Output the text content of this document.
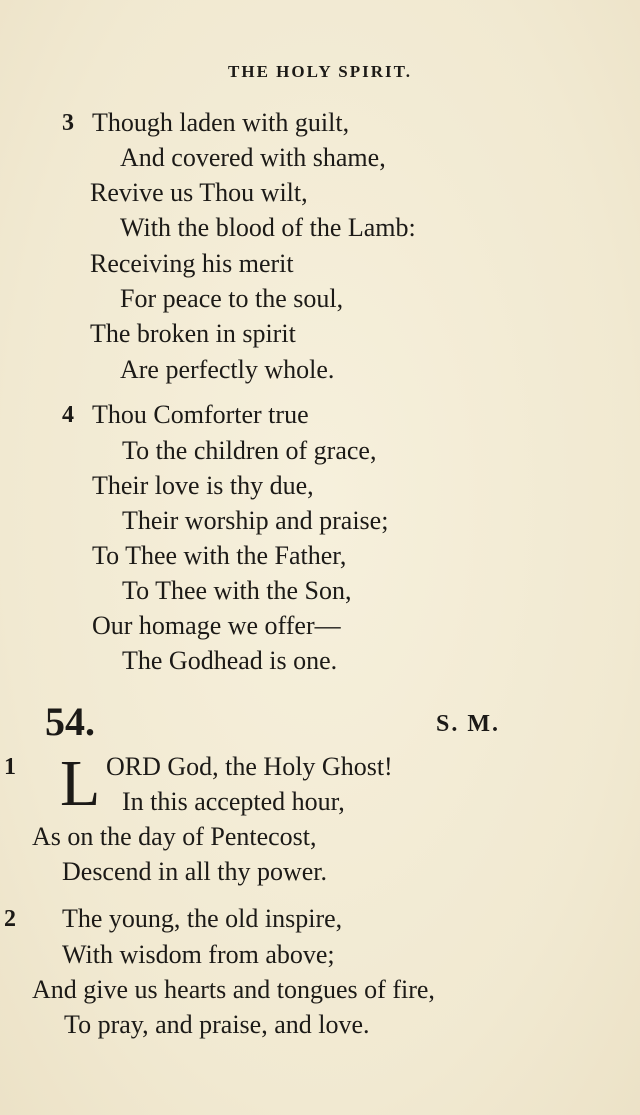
THE HOLY SPIRIT.
3 Though laden with guilt,
And covered with shame,
Revive us Thou wilt,
With the blood of the Lamb:
Receiving his merit
For peace to the soul,
The broken in spirit
Are perfectly whole.
4 Thou Comforter true
To the children of grace,
Their love is thy due,
Their worship and praise;
To Thee with the Father,
To Thee with the Son,
Our homage we offer—
The Godhead is one.
54.	S. M.
1 L ORD God, the Holy Ghost!
In this accepted hour,
As on the day of Pentecost,
Descend in all thy power.
2 The young, the old inspire,
With wisdom from above;
And give us hearts and tongues of fire,
To pray, and praise, and love.
